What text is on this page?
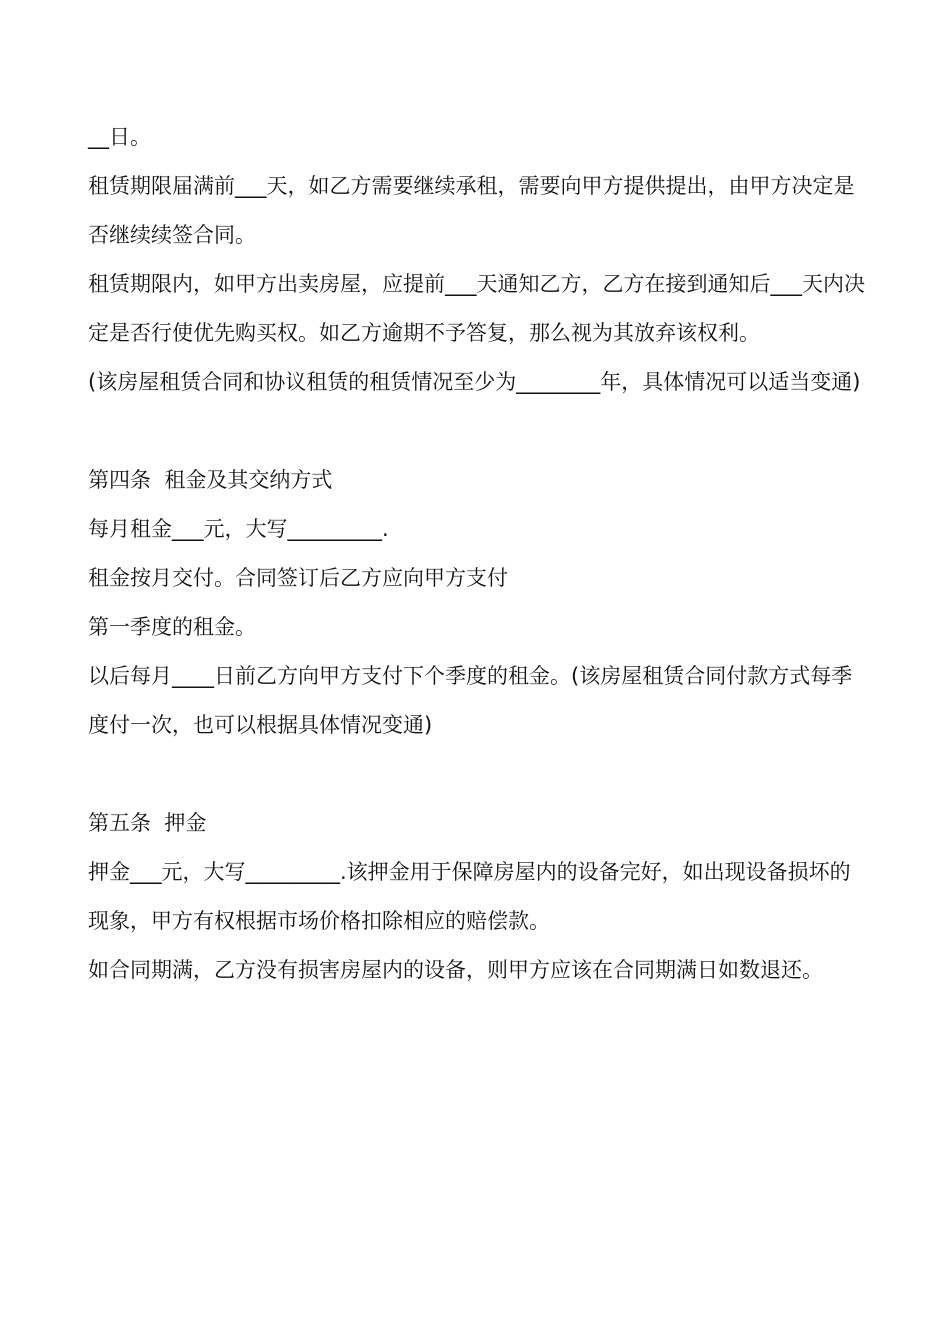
__日。

租赁期限届满前___天，如乙方需要继续承租，需要向甲方提供提出，由甲方决定是否继续续签合同。

租赁期限内，如甲方出卖房屋，应提前___天通知乙方，乙方在接到通知后___天内决定是否行使优先购买权。如乙方逾期不予答复，那么视为其放弃该权利。

(该房屋租赁合同和协议租赁的租赁情况至少为________年，具体情况可以适当变通)

第四条  租金及其交纳方式

每月租金___元，大写_________.

租金按月交付。合同签订后乙方应向甲方支付

第一季度的租金。

以后每月____日前乙方向甲方支付下个季度的租金。(该房屋租赁合同付款方式每季度付一次，也可以根据具体情况变通)

第五条  押金

押金___元，大写_________.该押金用于保障房屋内的设备完好，如出现设备损坏的现象，甲方有权根据市场价格扣除相应的赔偿款。

如合同期满，乙方没有损害房屋内的设备，则甲方应该在合同期满日如数退还。
